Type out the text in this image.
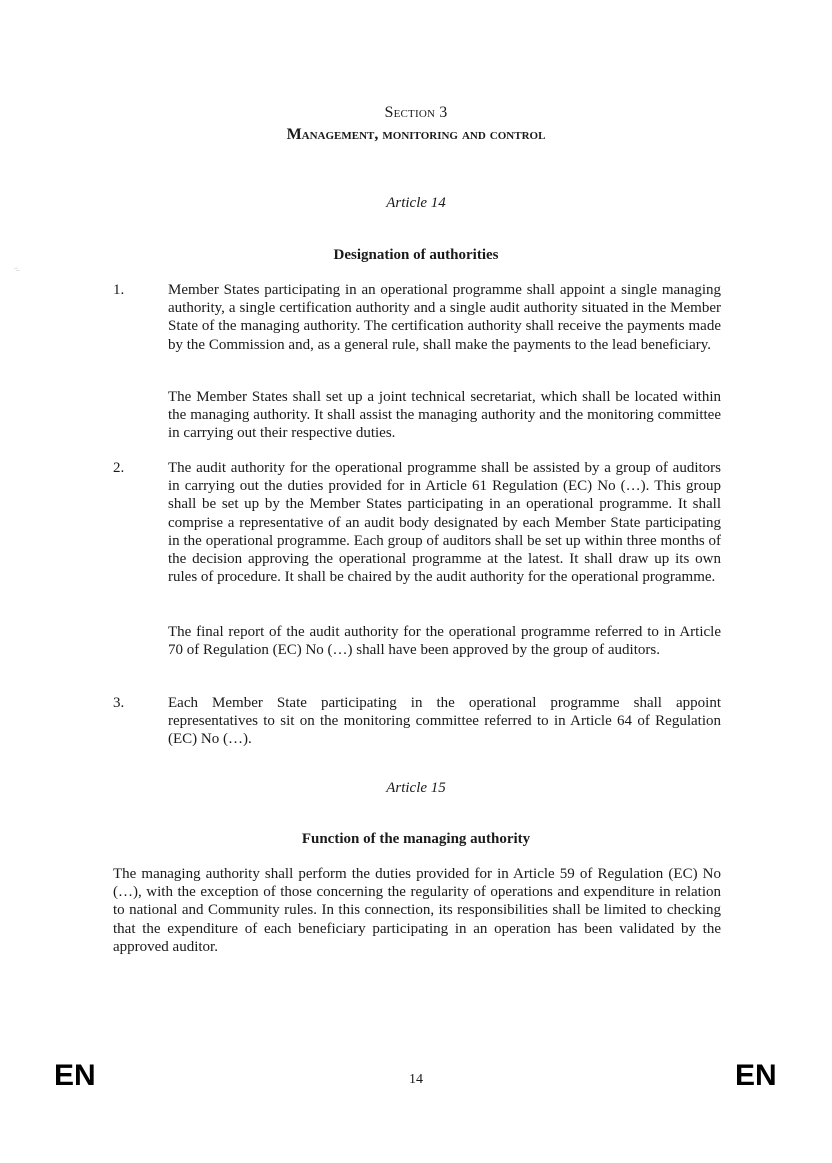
·:.
Section 3
Management, monitoring and control
Article 14
Designation of authorities
1.	Member States participating in an operational programme shall appoint a single managing authority, a single certification authority and a single audit authority situated in the Member State of the managing authority. The certification authority shall receive the payments made by the Commission and, as a general rule, shall make the payments to the lead beneficiary.
The Member States shall set up a joint technical secretariat, which shall be located within the managing authority. It shall assist the managing authority and the monitoring committee in carrying out their respective duties.
2.	The audit authority for the operational programme shall be assisted by a group of auditors in carrying out the duties provided for in Article 61 Regulation (EC) No (…). This group shall be set up by the Member States participating in an operational programme. It shall comprise a representative of an audit body designated by each Member State participating in the operational programme. Each group of auditors shall be set up within three months of the decision approving the operational programme at the latest. It shall draw up its own rules of procedure. It shall be chaired by the audit authority for the operational programme.
The final report of the audit authority for the operational programme referred to in Article 70 of Regulation (EC) No (…) shall have been approved by the group of auditors.
3.	Each Member State participating in the operational programme shall appoint representatives to sit on the monitoring committee referred to in Article 64 of Regulation (EC) No (…).
Article 15
Function of the managing authority
The managing authority shall perform the duties provided for in Article 59 of Regulation (EC) No (…), with the exception of those concerning the regularity of operations and expenditure in relation to national and Community rules. In this connection, its responsibilities shall be limited to checking that the expenditure of each beneficiary participating in an operation has been validated by the approved auditor.
EN	14	EN
